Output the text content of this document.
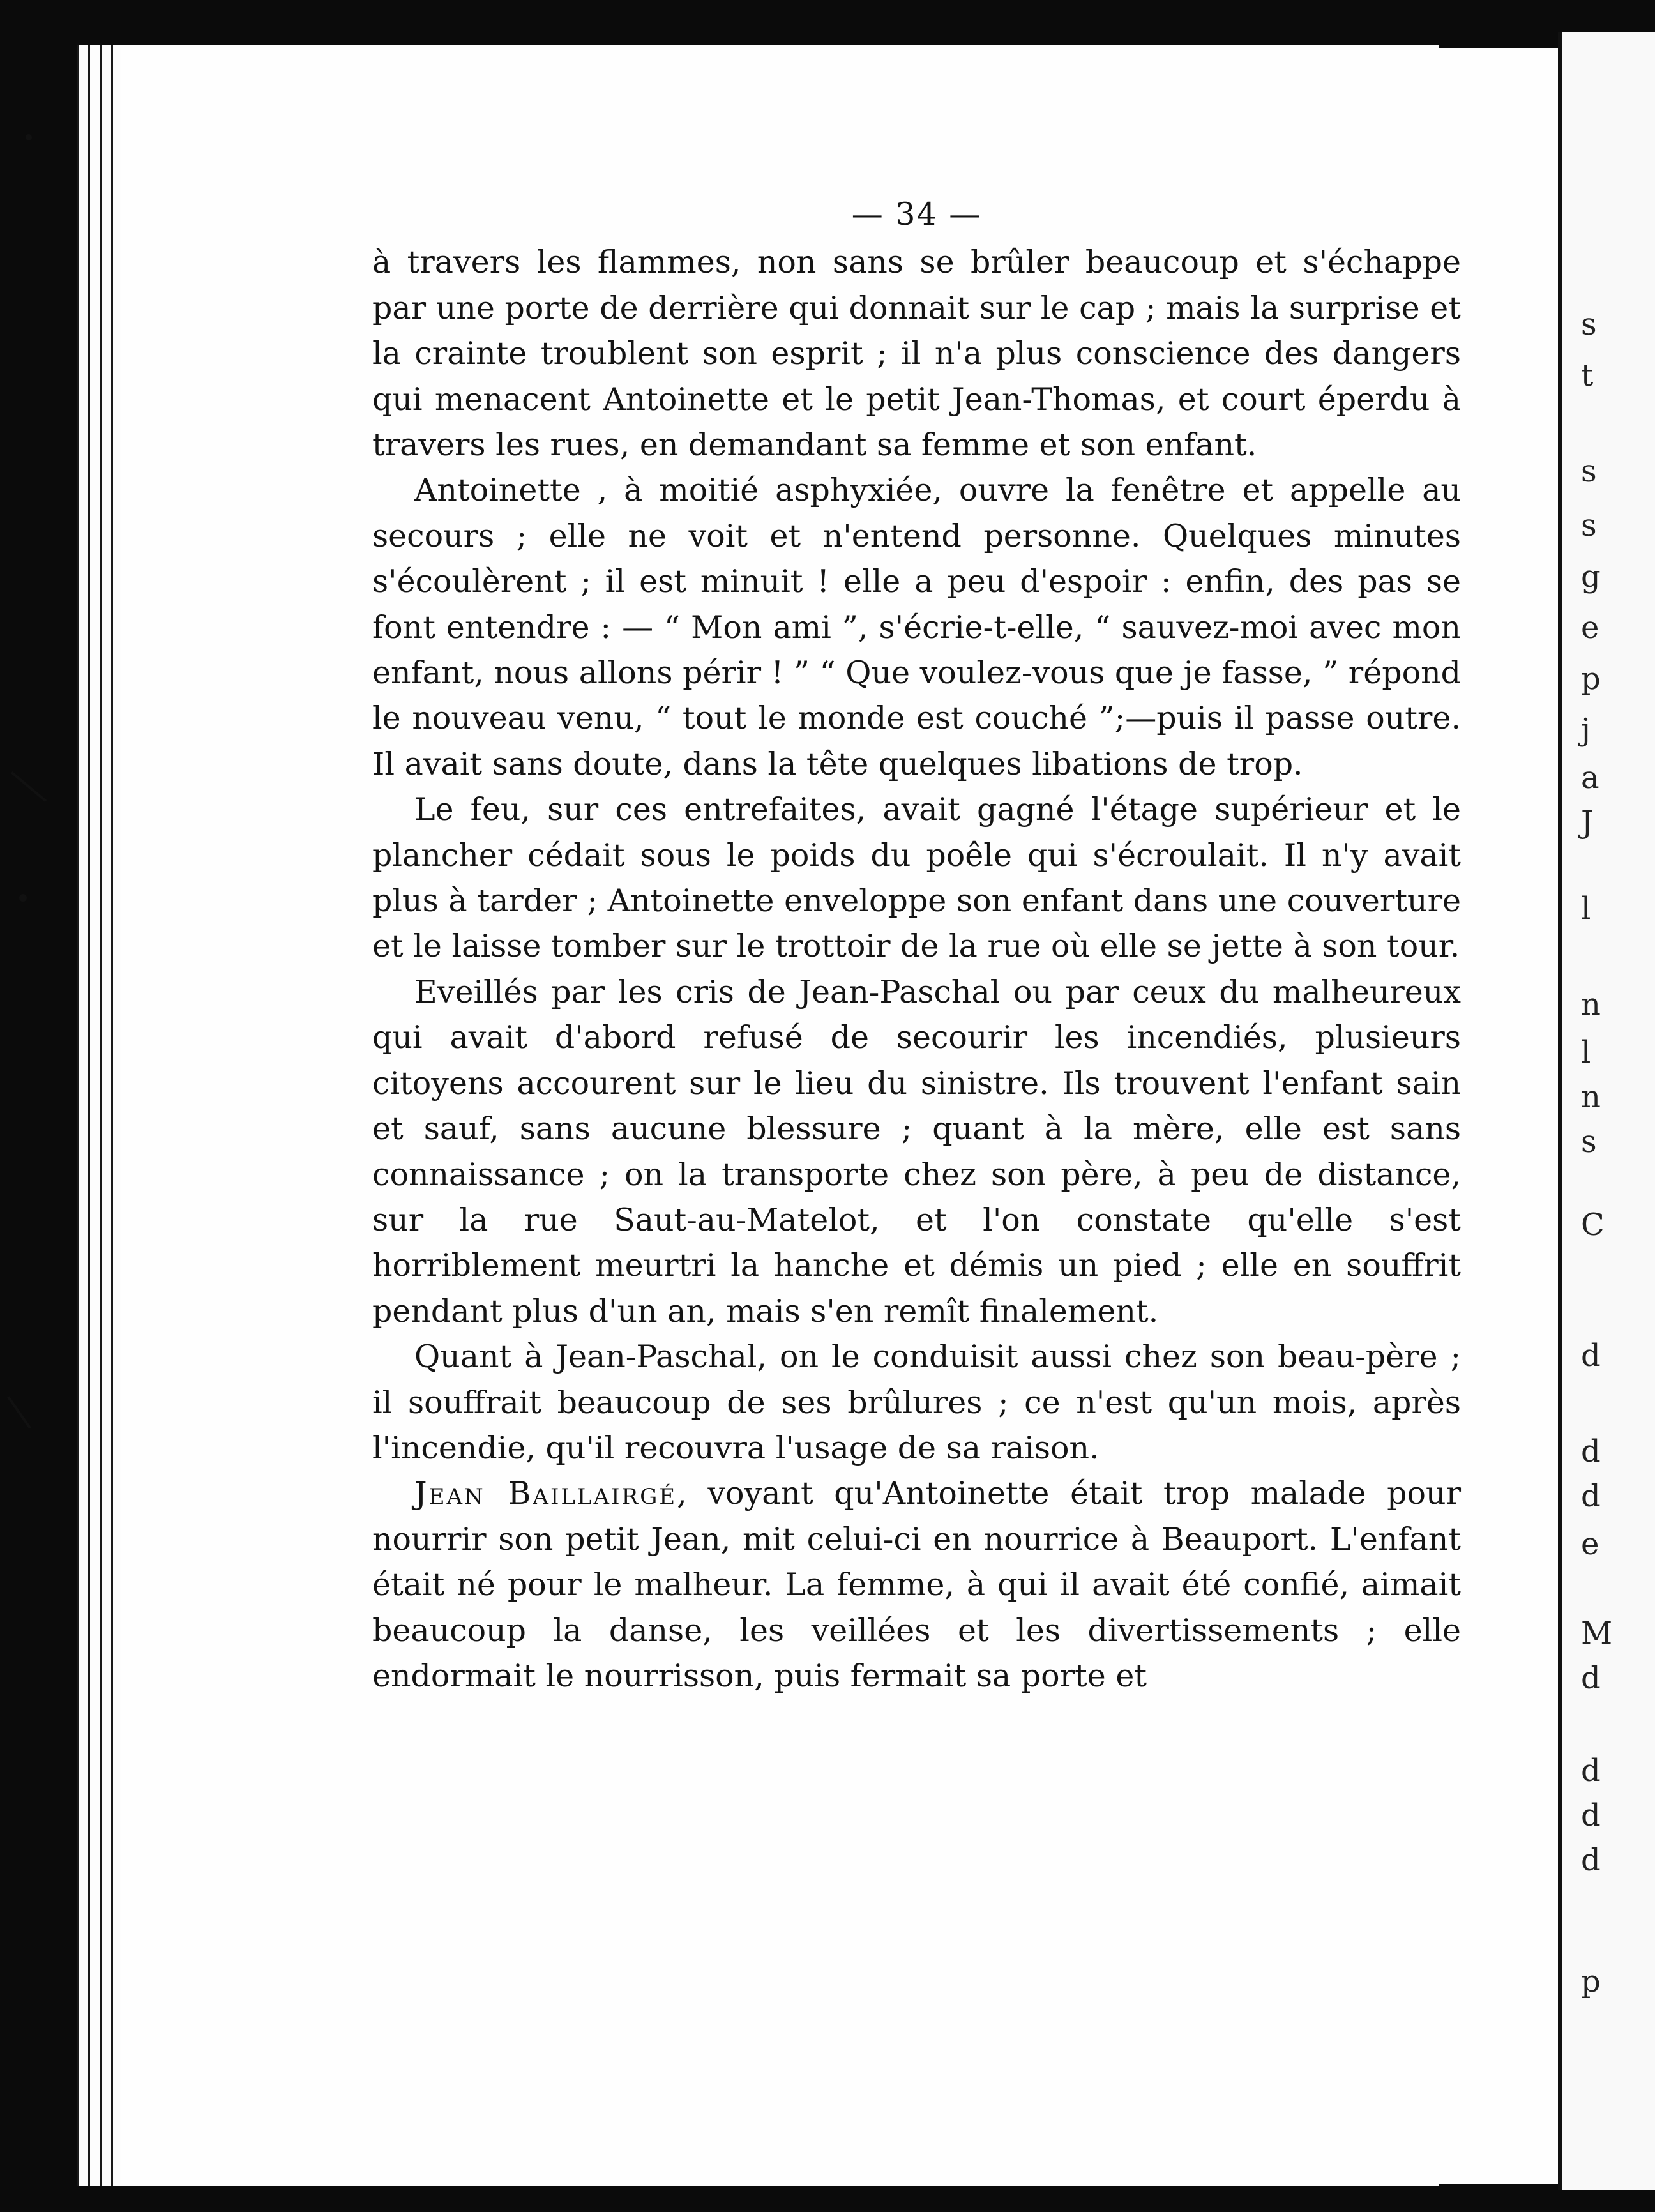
s
t
s
s
g
e
p
j
a
J
l
n
l
n
s
C
d
d
d
e
M
d
d
d
d
p
— 34 —

à travers les flammes, non sans se brûler beaucoup et s'échappe par une porte de derrière qui donnait sur le cap ; mais la surprise et la crainte troublent son esprit ; il n'a plus conscience des dangers qui menacent Antoinette et le petit Jean-Thomas, et court éperdu à travers les rues, en demandant sa femme et son enfant.

Antoinette , à moitié asphyxiée, ouvre la fenêtre et appelle au secours ; elle ne voit et n'entend personne. Quelques minutes s'écoulèrent ; il est minuit ! elle a peu d'espoir : enfin, des pas se font entendre : — “ Mon ami ”, s'écrie-t-elle, “ sauvez-moi avec mon enfant, nous allons périr ! ” “ Que voulez-vous que je fasse, ” répond le nouveau venu, “ tout le monde est couché ”;—puis il passe outre. Il avait sans doute, dans la tête quelques libations de trop.

Le feu, sur ces entrefaites, avait gagné l'étage supérieur et le plancher cédait sous le poids du poêle qui s'écroulait. Il n'y avait plus à tarder ; Antoinette enveloppe son enfant dans une couverture et le laisse tomber sur le trottoir de la rue où elle se jette à son tour.

Eveillés par les cris de Jean-Paschal ou par ceux du malheureux qui avait d'abord refusé de secourir les incendiés, plusieurs citoyens accourent sur le lieu du sinistre. Ils trouvent l'enfant sain et sauf, sans aucune blessure ; quant à la mère, elle est sans connaissance ; on la transporte chez son père, à peu de distance, sur la rue Saut-au-Matelot, et l'on constate qu'elle s'est horriblement meurtri la hanche et démis un pied ; elle en souffrit pendant plus d'un an, mais s'en remît finalement.

Quant à Jean-Paschal, on le conduisit aussi chez son beau-père ; il souffrait beaucoup de ses brûlures ; ce n'est qu'un mois, après l'incendie, qu'il recouvra l'usage de sa raison.

Jean Baillairgé, voyant qu'Antoinette était trop malade pour nourrir son petit Jean, mit celui-ci en nourrice à Beauport. L'enfant était né pour le malheur. La femme, à qui il avait été confié, aimait beaucoup la danse, les veillées et les divertissements ; elle endormait le nourrisson, puis fermait sa porte et
